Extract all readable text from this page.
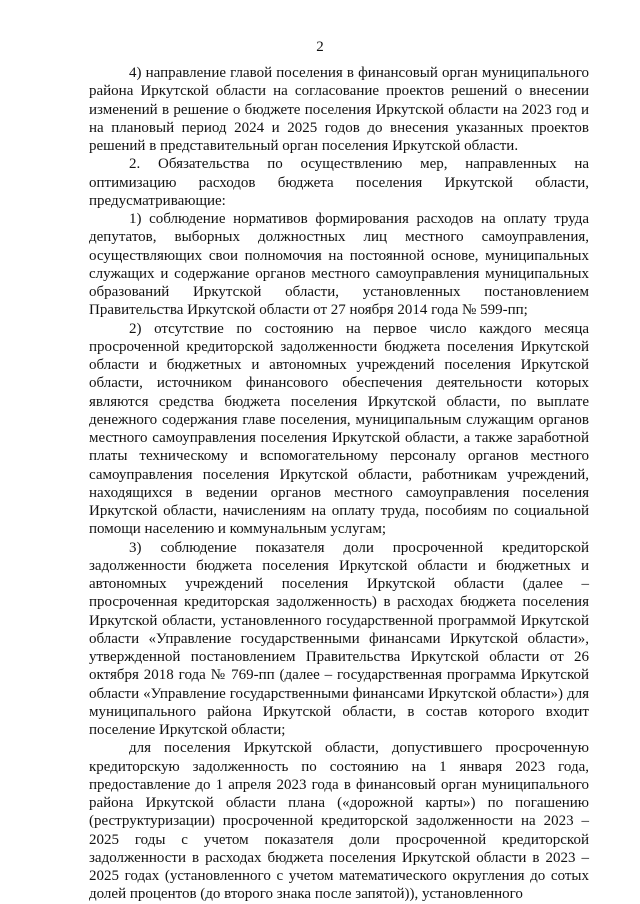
2

4) направление главой поселения в финансовый орган муниципального района Иркутской области на согласование проектов решений о внесении изменений в решение о бюджете поселения Иркутской области на 2023 год и на плановый период 2024 и 2025 годов до внесения указанных проектов решений в представительный орган поселения Иркутской области.

2. Обязательства по осуществлению мер, направленных на оптимизацию расходов бюджета поселения Иркутской области, предусматривающие:

1) соблюдение нормативов формирования расходов на оплату труда депутатов, выборных должностных лиц местного самоуправления, осуществляющих свои полномочия на постоянной основе, муниципальных служащих и содержание органов местного самоуправления муниципальных образований Иркутской области, установленных постановлением Правительства Иркутской области от 27 ноября 2014 года № 599-пп;

2) отсутствие по состоянию на первое число каждого месяца просроченной кредиторской задолженности бюджета поселения Иркутской области и бюджетных и автономных учреждений поселения Иркутской области, источником финансового обеспечения деятельности которых являются средства бюджета поселения Иркутской области, по выплате денежного содержания главе поселения, муниципальным служащим органов местного самоуправления поселения Иркутской области, а также заработной платы техническому и вспомогательному персоналу органов местного самоуправления поселения Иркутской области, работникам учреждений, находящихся в ведении органов местного самоуправления поселения Иркутской области, начислениям на оплату труда, пособиям по социальной помощи населению и коммунальным услугам;

3) соблюдение показателя доли просроченной кредиторской задолженности бюджета поселения Иркутской области и бюджетных и автономных учреждений поселения Иркутской области (далее – просроченная кредиторская задолженность) в расходах бюджета поселения Иркутской области, установленного государственной программой Иркутской области «Управление государственными финансами Иркутской области», утвержденной постановлением Правительства Иркутской области от 26 октября 2018 года № 769-пп (далее – государственная программа Иркутской области «Управление государственными финансами Иркутской области») для муниципального района Иркутской области, в состав которого входит поселение Иркутской области;

для поселения Иркутской области, допустившего просроченную кредиторскую задолженность по состоянию на 1 января 2023 года, предоставление до 1 апреля 2023 года в финансовый орган муниципального района Иркутской области плана («дорожной карты») по погашению (реструктуризации) просроченной кредиторской задолженности на 2023 – 2025 годы с учетом показателя доли просроченной кредиторской задолженности в расходах бюджета поселения Иркутской области в 2023 – 2025 годах (установленного с учетом математического округления до сотых долей процентов (до второго знака после запятой)), установленного
